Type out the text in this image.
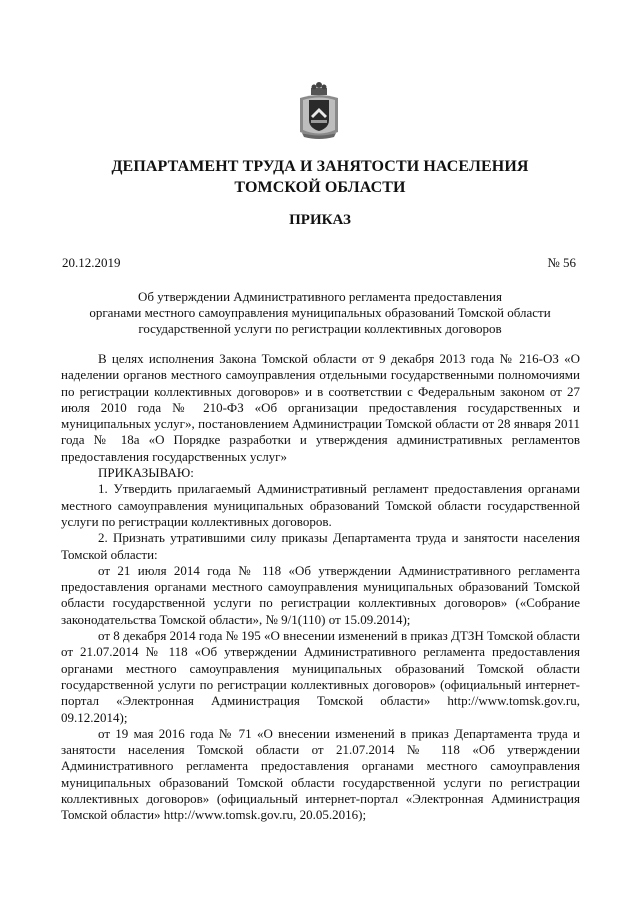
ДЕПАРТАМЕНТ ТРУДА И ЗАНЯТОСТИ НАСЕЛЕНИЯ
ТОМСКОЙ ОБЛАСТИ
ПРИКАЗ
20.12.2019	№ 56
Об утверждении Административного регламента предоставления
органами местного самоуправления муниципальных образований Томской области
государственной услуги по регистрации коллективных договоров

В целях исполнения Закона Томской области от 9 декабря 2013 года № 216-ОЗ «О наделении органов местного самоуправления отдельными государственными полномочиями по регистрации коллективных договоров» и в соответствии с Федеральным законом от 27 июля 2010 года № 210-ФЗ «Об организации предоставления государственных и муниципальных услуг», постановлением Администрации Томской области от 28 января 2011 года № 18а «О Порядке разработки и утверждения административных регламентов предоставления государственных услуг»

ПРИКАЗЫВАЮ:

1. Утвердить прилагаемый Административный регламент предоставления органами местного самоуправления муниципальных образований Томской области государственной услуги по регистрации коллективных договоров.

2. Признать утратившими силу приказы Департамента труда и занятости населения Томской области:

от 21 июля 2014 года № 118 «Об утверждении Административного регламента предоставления органами местного самоуправления муниципальных образований Томской области государственной услуги по регистрации коллективных договоров» («Собрание законодательства Томской области», № 9/1(110) от 15.09.2014);

от 8 декабря 2014 года № 195 «О внесении изменений в приказ ДТЗН Томской области от 21.07.2014 № 118 «Об утверждении Административного регламента предоставления органами местного самоуправления муниципальных образований Томской области государственной услуги по регистрации коллективных договоров» (официальный интернет-портал «Электронная Администрация Томской области» http://www.tomsk.gov.ru, 09.12.2014);

от 19 мая 2016 года № 71 «О внесении изменений в приказ Департамента труда и занятости населения Томской области от 21.07.2014 № 118 «Об утверждении Административного регламента предоставления органами местного самоуправления муниципальных образований Томской области государственной услуги по регистрации коллективных договоров» (официальный интернет-портал «Электронная Администрация Томской области» http://www.tomsk.gov.ru, 20.05.2016);
